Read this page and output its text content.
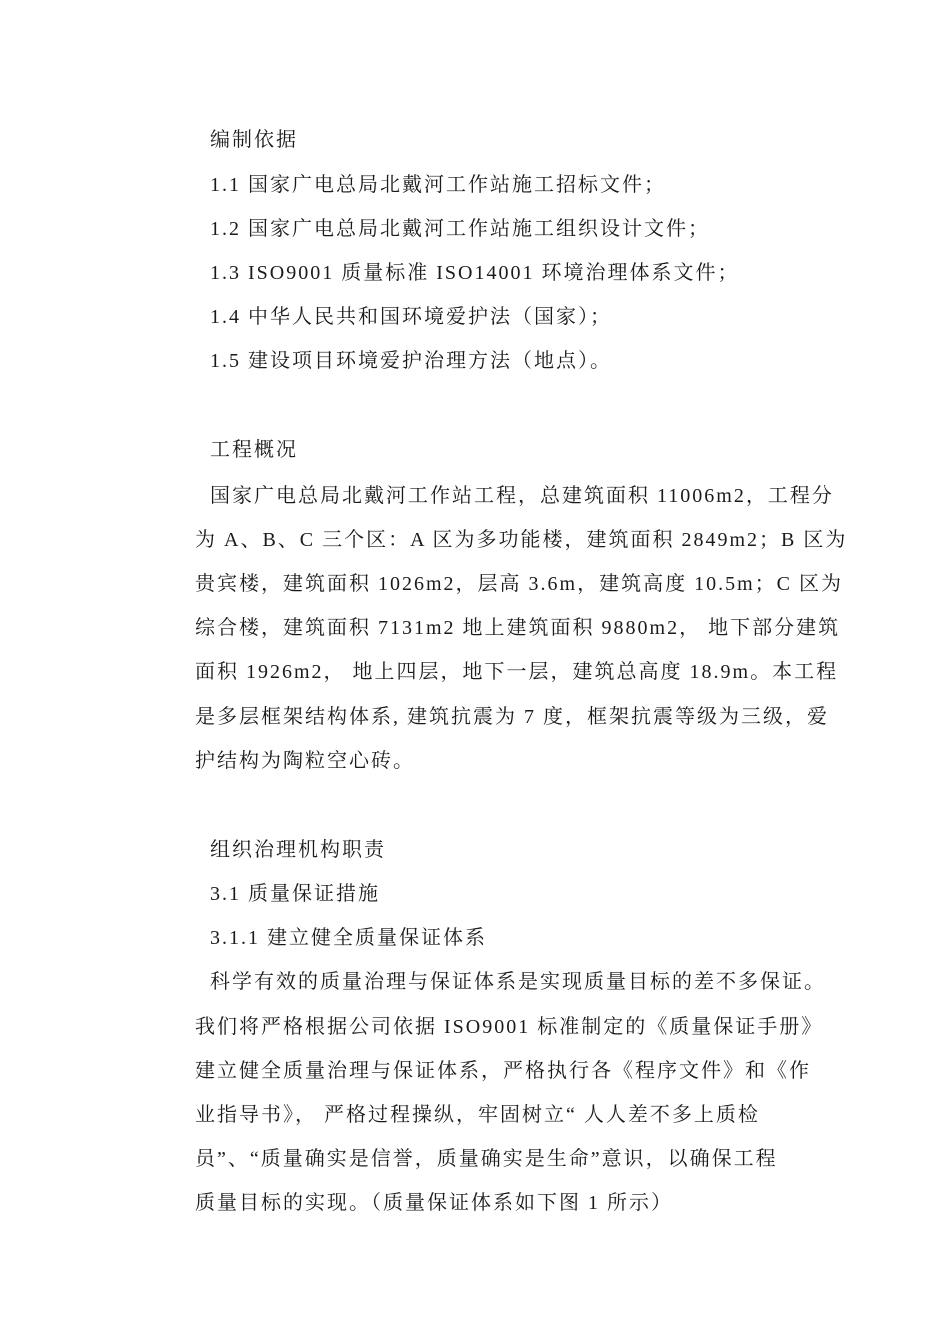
编制依据
1.1 国家广电总局北戴河工作站施工招标文件；
1.2 国家广电总局北戴河工作站施工组织设计文件；
1.3 ISO9001 质量标准 ISO14001 环境治理体系文件；
1.4 中华人民共和国环境爱护法（国家）；
1.5 建设项目环境爱护治理方法（地点）。
工程概况
国家广电总局北戴河工作站工程，总建筑面积 11006m2，工程分
为 A、B、C 三个区：A 区为多功能楼，建筑面积 2849m2；B 区为
贵宾楼，建筑面积 1026m2，层高 3.6m，建筑高度 10.5m；C 区为
综合楼，建筑面积 7131m2 地上建筑面积 9880m2， 地下部分建筑
面积 1926m2， 地上四层，地下一层，建筑总高度 18.9m。本工程
是多层框架结构体系, 建筑抗震为 7 度，框架抗震等级为三级，爱
护结构为陶粒空心砖。
组织治理机构职责
3.1 质量保证措施
3.1.1 建立健全质量保证体系
科学有效的质量治理与保证体系是实现质量目标的差不多保证。
我们将严格根据公司依据 ISO9001 标准制定的《质量保证手册》
建立健全质量治理与保证体系，严格执行各《程序文件》和《作
业指导书》， 严格过程操纵，牢固树立“ 人人差不多上质检
员”、“质量确实是信誉，质量确实是生命”意识，以确保工程
质量目标的实现。（质量保证体系如下图 1 所示）
